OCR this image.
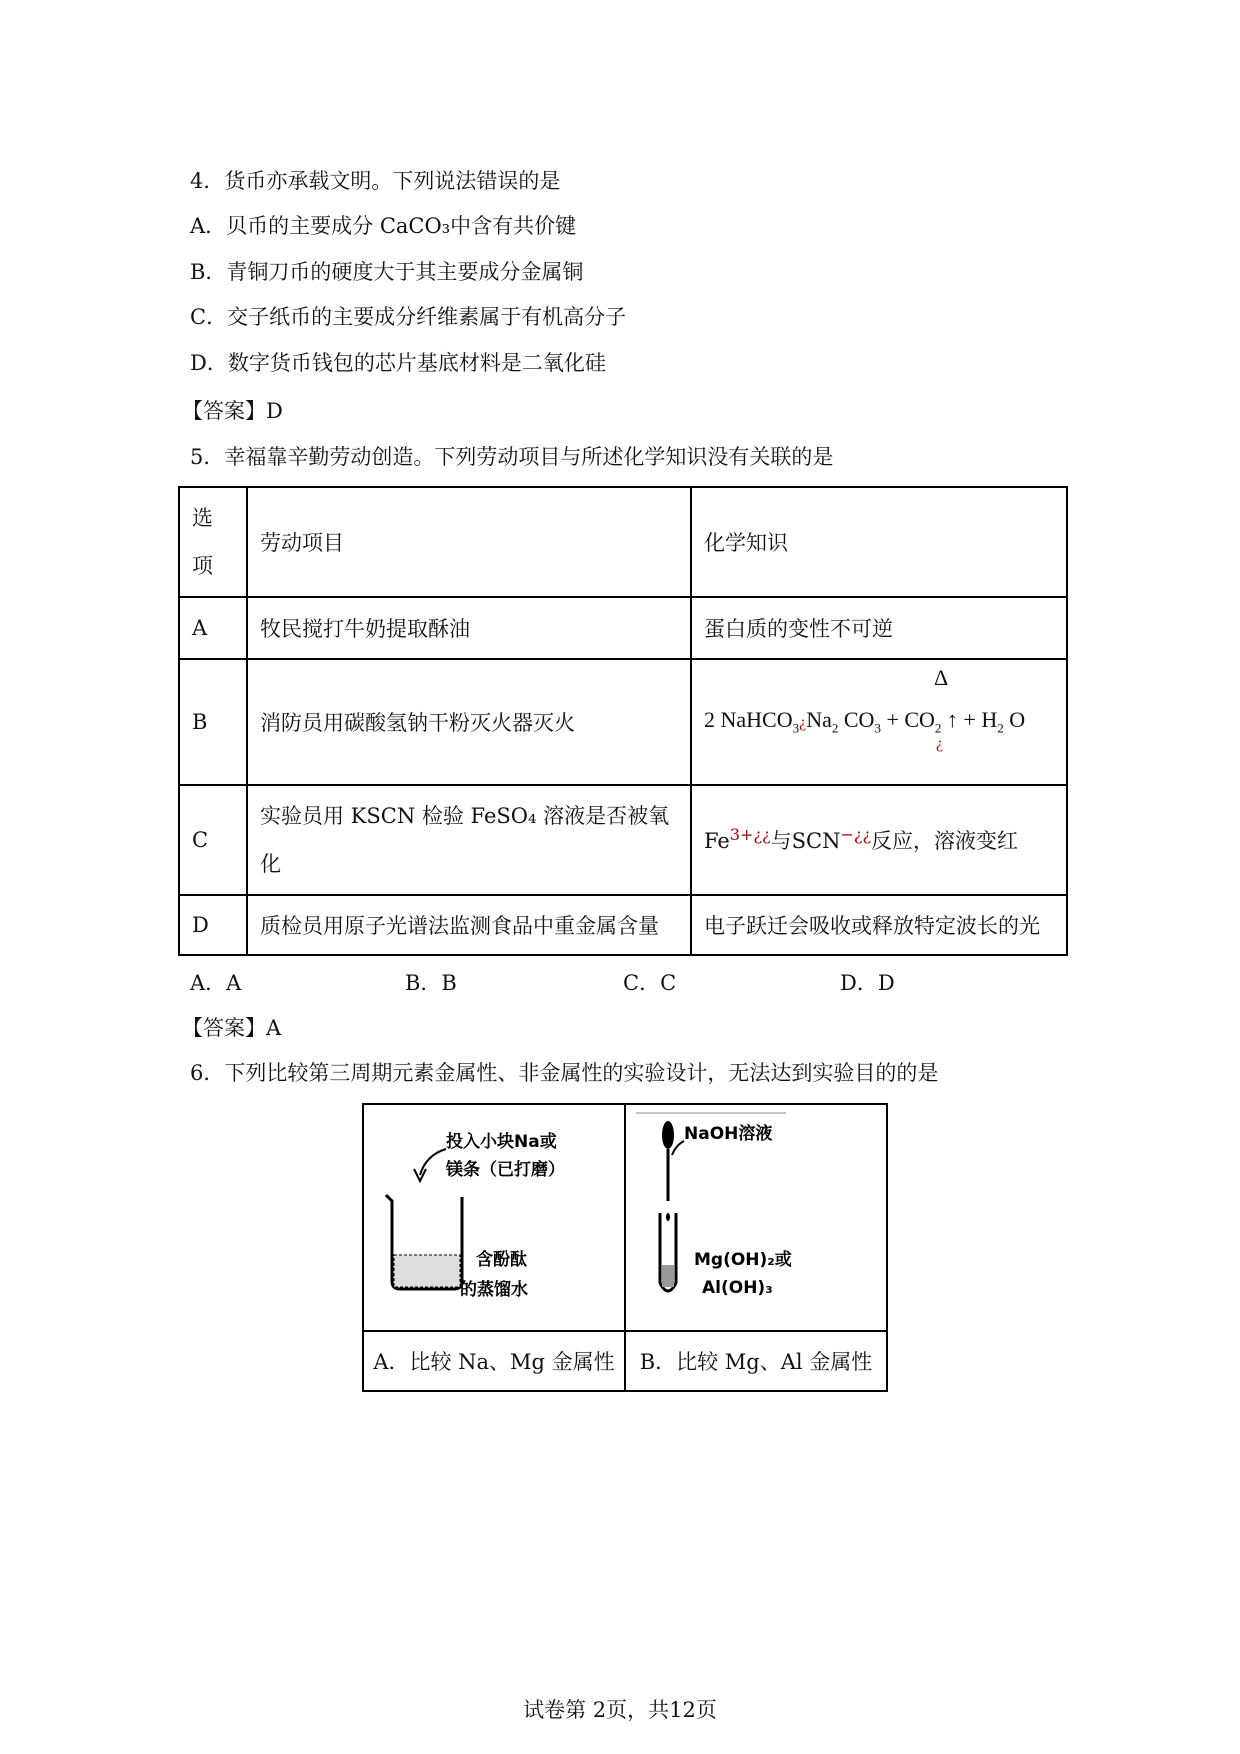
4．货币亦承载文明。下列说法错误的是
A．贝币的主要成分 CaCO₃中含有共价键
B．青铜刀币的硬度大于其主要成分金属铜
C．交子纸币的主要成分纤维素属于有机高分子
D．数字货币钱包的芯片基底材料是二氧化硅
【答案】D
5．幸福靠辛勤劳动创造。下列劳动项目与所述化学知识没有关联的是
选
项	劳动项目	化学知识
A	牧民搅打牛奶提取酥油	蛋白质的变性不可逆
B	消防员用碳酸氢钠干粉灭火器灭火	Δ
2 $NaHCO_3¿Na_2$ $CO_3 + CO_2$ ↑ + $H_2$ O
¿

C	实验员用 KSCN 检验 FeSO₄ 溶液是否被氧
化	$Fe^{3+¿¿}$与SCN−¿¿反应，溶液变红
D	质检员用原子光谱法监测食品中重金属含量	电子跃迁会吸收或释放特定波长的光
A．A	B．B	C．C	D．D
【答案】A
6．下列比较第三周期元素金属性、非金属性的实验设计，无法达到实验目的的是
投入小块Na或
镁条（已打磨）
含酚酞
的蒸馏水	NaOH溶液
Mg(OH)₂或
Al(OH)₃

A．比较 Na、Mg 金属性	B．比较 Mg、Al 金属性
试卷第 2页，共12页
